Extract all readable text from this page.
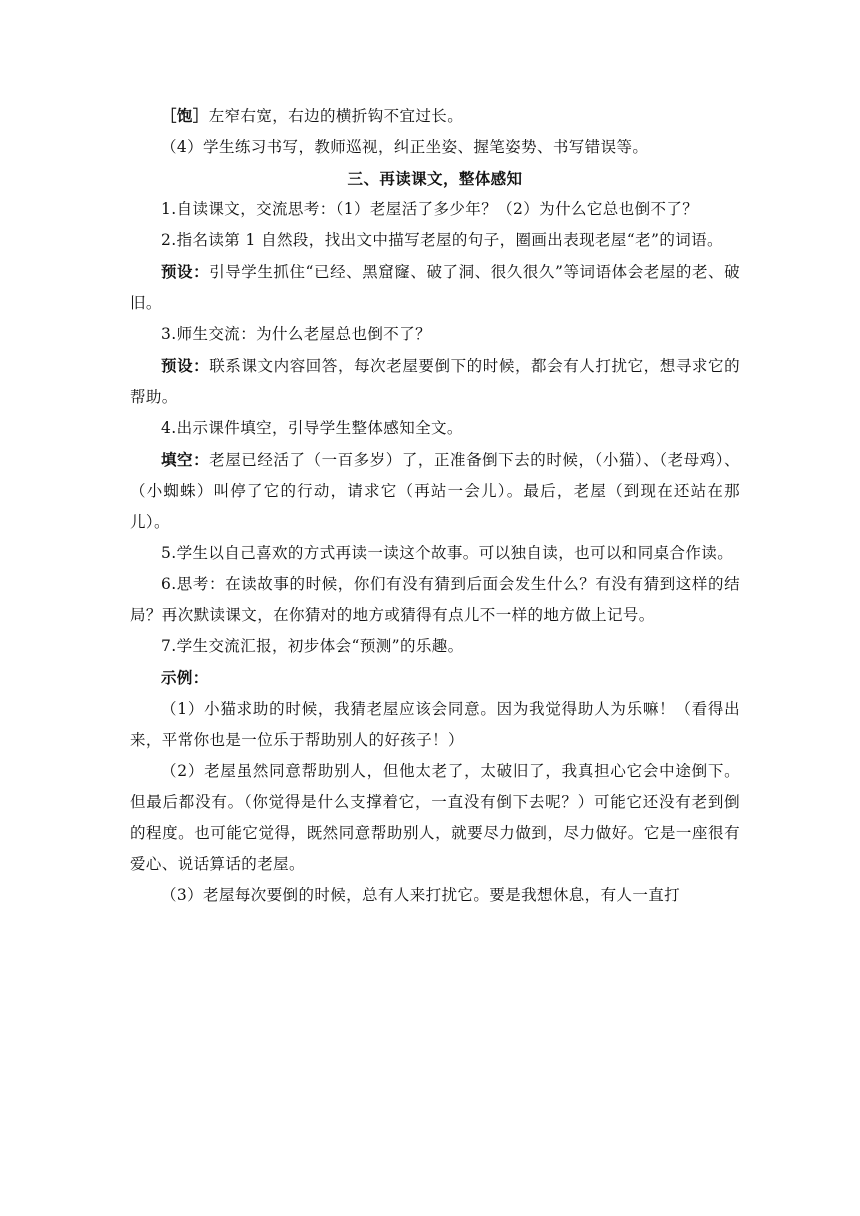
［饱］左窄右宽，右边的横折钩不宜过长。

（4）学生练习书写，教师巡视，纠正坐姿、握笔姿势、书写错误等。

三、再读课文，整体感知

1.自读课文，交流思考：（1）老屋活了多少年？（2）为什么它总也倒不了？

2.指名读第 1 自然段，找出文中描写老屋的句子，圈画出表现老屋“老”的词语。

预设：引导学生抓住“已经、黑窟窿、破了洞、很久很久”等词语体会老屋的老、破旧。

3.师生交流：为什么老屋总也倒不了？

预设：联系课文内容回答，每次老屋要倒下的时候，都会有人打扰它，想寻求它的帮助。

4.出示课件填空，引导学生整体感知全文。

填空：老屋已经活了（一百多岁）了，正准备倒下去的时候，（小猫）、（老母鸡）、（小蜘蛛）叫停了它的行动，请求它（再站一会儿）。最后，老屋（到现在还站在那儿）。

5.学生以自己喜欢的方式再读一读这个故事。可以独自读，也可以和同桌合作读。

6.思考：在读故事的时候，你们有没有猜到后面会发生什么？有没有猜到这样的结局？再次默读课文，在你猜对的地方或猜得有点儿不一样的地方做上记号。

7.学生交流汇报，初步体会“预测”的乐趣。

示例：

（1）小猫求助的时候，我猜老屋应该会同意。因为我觉得助人为乐嘛！（看得出来，平常你也是一位乐于帮助别人的好孩子！）

（2）老屋虽然同意帮助别人，但他太老了，太破旧了，我真担心它会中途倒下。但最后都没有。（你觉得是什么支撑着它，一直没有倒下去呢？）可能它还没有老到倒的程度。也可能它觉得，既然同意帮助别人，就要尽力做到，尽力做好。它是一座很有爱心、说话算话的老屋。

（3）老屋每次要倒的时候，总有人来打扰它。要是我想休息，有人一直打
